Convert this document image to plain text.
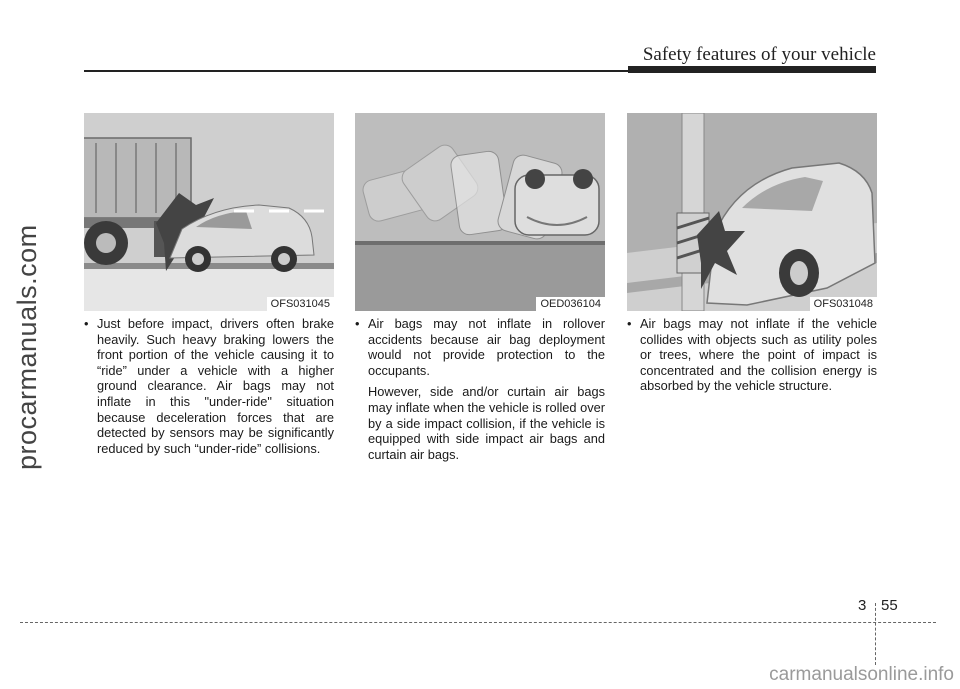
Safety features of your vehicle
procarmanuals.com	OFS031045	OED036104	OFS031048
• Just before impact, drivers often brake heavily. Such heavy braking lowers the front portion of the vehicle causing it to “ride” under a vehicle with a higher ground clearance. Air bags may not inflate in this "under-ride" situation because deceleration forces that are detected by sensors may be significantly reduced by such “under-ride” collisions.
• Air bags may not inflate in rollover accidents because air bag deployment would not provide protection to the occupants.
However, side and/or curtain air bags may inflate when the vehicle is rolled over by a side impact collision, if the vehicle is equipped with side impact air bags and curtain air bags.
• Air bags may not inflate if the vehicle collides with objects such as utility poles or trees, where the point of impact is concentrated and the collision energy is absorbed by the vehicle structure.
3 55
carmanualsonline.info
